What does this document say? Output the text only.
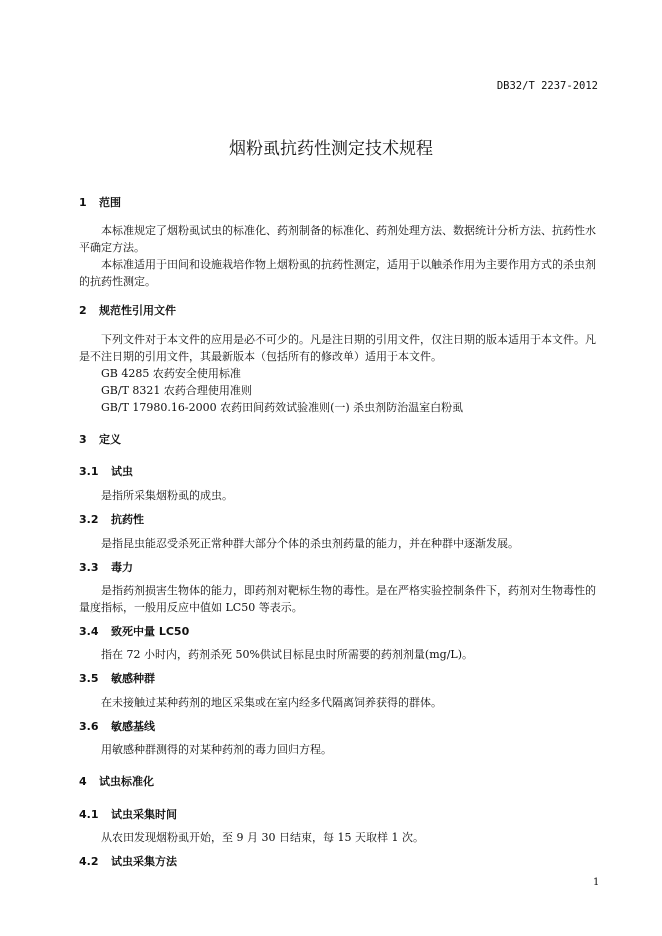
DB32/T 2237-2012
烟粉虱抗药性测定技术规程
1 范围
本标准规定了烟粉虱试虫的标准化、药剂制备的标准化、药剂处理方法、数据统计分析方法、抗药性水平确定方法。
本标准适用于田间和设施栽培作物上烟粉虱的抗药性测定，适用于以触杀作用为主要作用方式的杀虫剂的抗药性测定。
2 规范性引用文件
下列文件对于本文件的应用是必不可少的。凡是注日期的引用文件，仅注日期的版本适用于本文件。凡是不注日期的引用文件，其最新版本（包括所有的修改单）适用于本文件。
GB 4285 农药安全使用标准
GB/T 8321 农药合理使用准则
GB/T 17980.16-2000 农药田间药效试验准则(一) 杀虫剂防治温室白粉虱
3 定义
3.1 试虫
是指所采集烟粉虱的成虫。
3.2 抗药性
是指昆虫能忍受杀死正常种群大部分个体的杀虫剂药量的能力，并在种群中逐渐发展。
3.3 毒力
是指药剂损害生物体的能力，即药剂对靶标生物的毒性。是在严格实验控制条件下，药剂对生物毒性的量度指标，一般用反应中值如 LC50 等表示。
3.4 致死中量 LC50
指在 72 小时内，药剂杀死 50%供试目标昆虫时所需要的药剂剂量(mg/L)。
3.5 敏感种群
在未接触过某种药剂的地区采集或在室内经多代隔离饲养获得的群体。
3.6 敏感基线
用敏感种群测得的对某种药剂的毒力回归方程。
4 试虫标准化
4.1 试虫采集时间
从农田发现烟粉虱开始，至 9 月 30 日结束，每 15 天取样 1 次。
4.2 试虫采集方法
1
